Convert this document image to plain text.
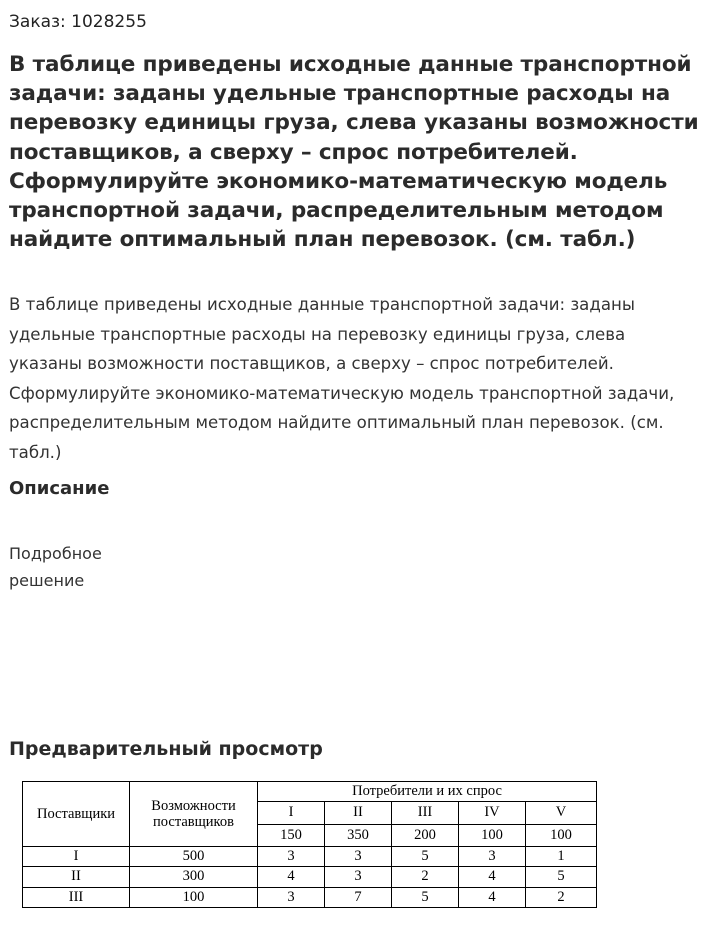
Заказ: 1028255
В таблице приведены исходные данные транспортной задачи: заданы удельные транспортные расходы на перевозку единицы груза, слева указаны возможности поставщиков, а сверху – спрос потребителей. Сформулируйте экономико-математическую модель транспортной задачи, распределительным методом найдите оптимальный план перевозок. (см. табл.)

В таблице приведены исходные данные транспортной задачи: заданы удельные транспортные расходы на перевозку единицы груза, слева указаны возможности поставщиков, а сверху – спрос потребителей. Сформулируйте экономико-математическую модель транспортной задачи, распределительным методом найдите оптимальный план перевозок. (см. табл.)

Описание

Подробное решение

Предварительный просмотр
Поставщики	Возможности поставщиков	Потребители и их спрос				
		I	II	III	IV	V
		150	350	200	100	100
I	500	3	3	5	3	1
II	300	4	3	2	4	5
III	100	3	7	5	4	2
